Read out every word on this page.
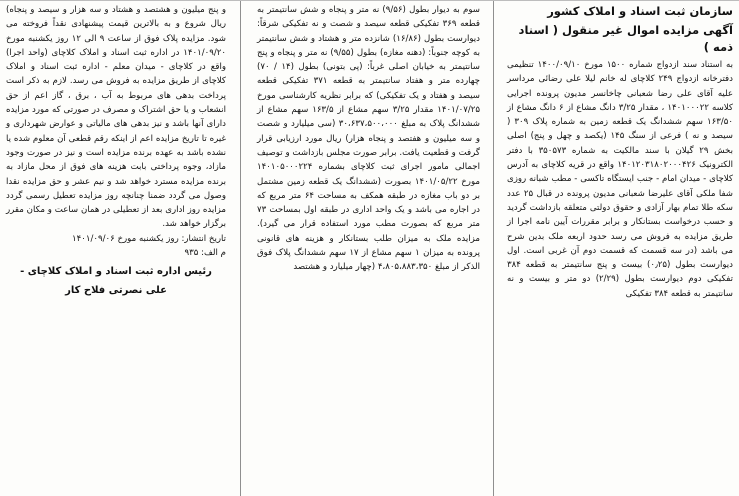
سازمان ثبت اسناد و املاک کشور
آگهی مزایده اموال غیر منقول ( اسناد ذمه )

به استناد سند ازدواج شماره ۱۵۰۰ مورخ ۱۴۰۰/۰۹/۱۰ تنظیمی دفترخانه ازدواج ۲۴۹ کلاچای له خانم لیلا علی رضائی مرداسر علیه آقای علی رضا شعبانی چاخانسر مدیون پرونده اجرایی کلاسه ۱۴۰۱۰۰۰۲۲ ، مقدار ۳/۲۵ دانگ مشاع از ۶ دانگ مشاع از ۱۶۳/۵۰ سهم ششدانگ یک قطعه زمین به شماره پلاک ۳۰۹ ( سیصد و نه ) فرعی از سنگ ۱۴۵ (یکصد و چهل و پنج) اصلی بخش ۲۹ گیلان با سند مالکیت به شماره ۳۵۰۵۷۳ با دفتر الکترونیک ۱۴۰۱۲۰۳۱۸۰۲۰۰۰۴۲۶ واقع در قریه کلاچای به آدرس کلاچای - میدان امام - جنب ایستگاه تاکسی - مطب شبانه روزی شفا ملکی آقای علیرضا شعبانی مدیون پرونده در قبال ۲۵ عدد سکه طلا تمام بهار آزادی و حقوق دولتی متعلقه بازداشت گردید و حسب درخواست بستانکار و برابر مقررات آیین نامه اجرا از طریق مزایده به فروش می رسد حدود اربعه ملک بدین شرح می باشد (در سه قسمت که قسمت دوم آن غربی است. اول دیوارست بطول (۰٫۲۵) بیست و پنج سانتیمتر به قطعه ۳۸۴ تفکیکی دوم دیوارست بطول (۲/۲۹) دو متر و بیست و نه سانتیمتر به قطعه ۳۸۴ تفکیکی

سوم به دیوار بطول (۹/۵۶) نه متر و پنجاه و شش سانتیمتر به قطعه ۳۶۹ تفکیکی قطعه سیصد و شصت و نه تفکیکی شرقاً: دیوارست بطول (۱۶/۸۶) شانزده متر و هشتاد و شش سانتیمتر به کوچه جنوباً: (دهنه مغازه) بطول (۹/۵۵) نه متر و پنجاه و پنج سانتیمتر به خیابان اصلی غرباً: (پی بتونی) بطول (۱۴ / ۷۰) چهارده متر و هفتاد سانتیمتر به قطعه ۳۷۱ تفکیکی قطعه سیصد و هفتاد و یک تفکیکی) که برابر نظریه کارشناسی مورخ ۱۴۰۱/۰۷/۲۵ مقدار ۳/۲۵ سهم مشاع از ۱۶۳/۵ سهم مشاع از ششدانگ پلاک به مبلغ ۳۰،۶۳۷،۵۰۰،۰۰۰ (سی میلیارد و شصت و سه میلیون و هفتصد و پنجاه هزار) ریال مورد ارزیابی قرار گرفت و قطعیت یافت. برابر صورت مجلس بازداشت و توصیف اجمالی مامور اجرای ثبت کلاچای بشماره ۱۴۰۱۰۵۰۰۰۲۲۴ مورخ ۱۴۰۱/۰۵/۲۲ بصورت (ششدانگ یک قطعه زمین مشتمل بر دو باب مغازه در طبقه همکف به مساحت ۶۴ متر مربع که در اجاره می باشد و یک واحد اداری در طبقه اول بمساحت ۷۳ متر مربع که بصورت مطب مورد استفاده قرار می گیرد). مزایده ملک به میزان طلب بستانکار و هزینه های قانونی پرونده به میزان ۱ سهم مشاع از ۱۷ سهم ششدانگ پلاک فوق الذکر از مبلغ ۴،۸۰۵،۸۸۳،۳۵۰ (چهار میلیارد و هشتصد

و پنج میلیون و هشتصد و هشتاد و سه هزار و سیصد و پنجاه) ریال شروع و به بالاترین قیمت پیشنهادی نقداً فروخته می شود. مزایده پلاک فوق از ساعت ۹ الی ۱۲ روز یکشنبه مورخ ۱۴۰۱/۰۹/۲۰ در اداره ثبت اسناد و املاک کلاچای (واحد اجرا) واقع در کلاچای - میدان معلم - اداره ثبت اسناد و املاک کلاچای از طریق مزایده به فروش می رسد. لازم به ذکر است پرداخت بدهی های مربوط به آب ، برق ، گاز اعم از حق انشعاب و یا حق اشتراک و مصرف در صورتی که مورد مزایده دارای آنها باشد و نیز بدهی های مالیاتی و عوارض شهرداری و غیره تا تاریخ مزایده اعم از اینکه رقم قطعی آن معلوم شده یا نشده باشد به عهده برنده مزایده است و نیز در صورت وجود مازاد، وجوه پرداختی بابت هزینه های فوق از محل مازاد به برنده مزایده مسترد خواهد شد و نیم عشر و حق مزایده نقدا وصول می گردد ضمنا چنانچه روز مزایده تعطیل رسمی گردد مزایده روز اداری بعد از تعطیلی در همان ساعت و مکان مقرر برگزار خواهد شد.

تاریخ انتشار: روز یکشنبه مورخ ۱۴۰۱/۰۹/۰۶
م الف: ۹۳۵
رئیس اداره ثبت اسناد و املاک کلاچای -
علی نصرتی فلاح کار
